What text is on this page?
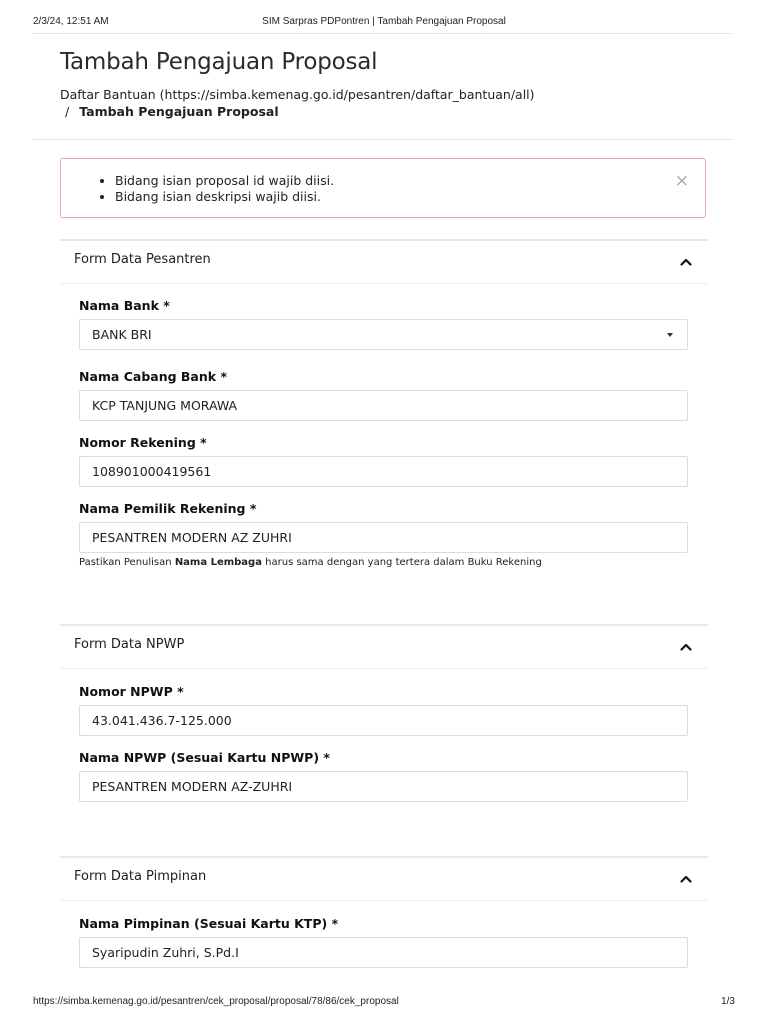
2/3/24, 12:51 AM	SIM Sarpras PDPontren | Tambah Pengajuan Proposal
Tambah Pengajuan Proposal
Daftar Bantuan (https://simba.kemenag.go.id/pesantren/daftar_bantuan/all)
/ Tambah Pengajuan Proposal
• Bidang isian proposal id wajib diisi.
• Bidang isian deskripsi wajib diisi.
×
Form Data Pesantren
Nama Bank *
BANK BRI
Nama Cabang Bank *
KCP TANJUNG MORAWA
Nomor Rekening *
108901000419561
Nama Pemilik Rekening *
PESANTREN MODERN AZ ZUHRI
Pastikan Penulisan Nama Lembaga harus sama dengan yang tertera dalam Buku Rekening
Form Data NPWP
Nomor NPWP *
43.041.436.7-125.000
Nama NPWP (Sesuai Kartu NPWP) *
PESANTREN MODERN AZ-ZUHRI
Form Data Pimpinan
Nama Pimpinan (Sesuai Kartu KTP) *
Syaripudin Zuhri, S.Pd.I
https://simba.kemenag.go.id/pesantren/cek_proposal/proposal/78/86/cek_proposal	1/3
